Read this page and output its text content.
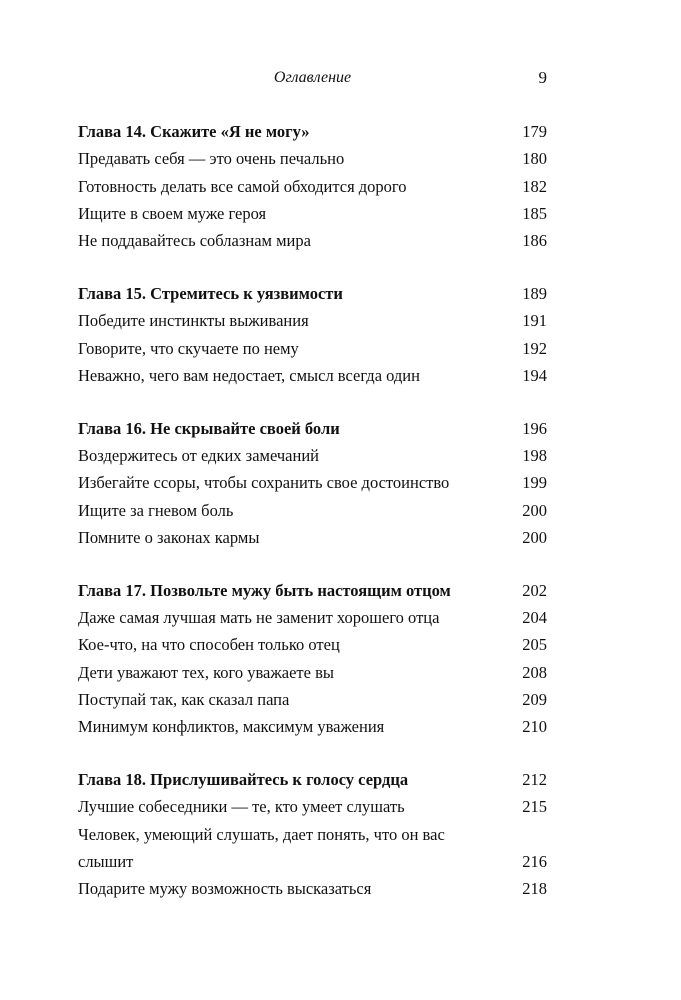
Оглавление	9
Глава 14. Скажите «Я не могу»	179
Предавать себя — это очень печально	180
Готовность делать все самой обходится дорого	182
Ищите в своем муже героя	185
Не поддавайтесь соблазнам мира	186
Глава 15. Стремитесь к уязвимости	189
Победите инстинкты выживания	191
Говорите, что скучаете по нему	192
Неважно, чего вам недостает, смысл всегда один	194
Глава 16. Не скрывайте своей боли	196
Воздержитесь от едких замечаний	198
Избегайте ссоры, чтобы сохранить свое достоинство	199
Ищите за гневом боль	200
Помните о законах кармы	200
Глава 17. Позвольте мужу быть настоящим отцом	202
Даже самая лучшая мать не заменит хорошего отца	204
Кое-что, на что способен только отец	205
Дети уважают тех, кого уважаете вы	208
Поступай так, как сказал папа	209
Минимум конфликтов, максимум уважения	210
Глава 18. Прислушивайтесь к голосу сердца	212
Лучшие собеседники — те, кто умеет слушать	215
Человек, умеющий слушать, дает понять, что он вас слышит	216
Подарите мужу возможность высказаться	218
